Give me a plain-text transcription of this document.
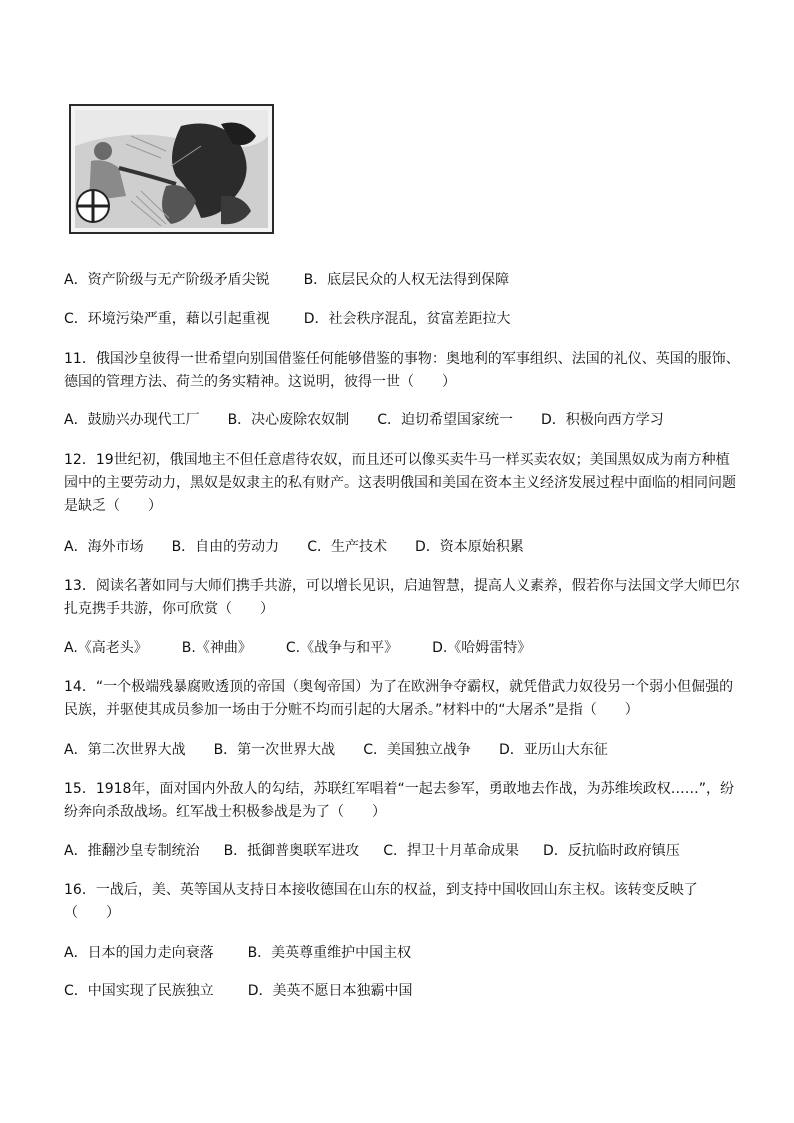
A．资产阶级与无产阶级矛盾尖锐 B．底层民众的人权无法得到保障
C．环境污染严重，藉以引起重视 D．社会秩序混乱，贫富差距拉大
11．俄国沙皇彼得一世希望向别国借鉴任何能够借鉴的事物：奥地利的军事组织、法国的礼仪、英国的服饰、
德国的管理方法、荷兰的务实精神。这说明，彼得一世（　　）
A．鼓励兴办现代工厂 B．决心废除农奴制 C．迫切希望国家统一 D．积极向西方学习
12．19世纪初，俄国地主不但任意虐待农奴，而且还可以像买卖牛马一样买卖农奴；美国黑奴成为南方种植
园中的主要劳动力，黑奴是奴隶主的私有财产。这表明俄国和美国在资本主义经济发展过程中面临的相同问题
是缺乏（　　）
A．海外市场 B．自由的劳动力 C．生产技术 D．资本原始积累
13．阅读名著如同与大师们携手共游，可以增长见识，启迪智慧，提高人义素养，假若你与法国文学大师巴尔
扎克携手共游，你可欣赏（　　）
A.《高老头》 B.《神曲》 C.《战争与和平》 D.《哈姆雷特》
14．“一个极端残暴腐败透顶的帝国（奥匈帝国）为了在欧洲争夺霸权，就凭借武力奴役另一个弱小但倔强的
民族，并驱使其成员参加一场由于分赃不均而引起的大屠杀。”材料中的“大屠杀”是指（　　）
A．第二次世界大战 B．第一次世界大战 C．美国独立战争 D．亚历山大东征
15．1918年，面对国内外敌人的勾结，苏联红军唱着“一起去参军，勇敢地去作战，为苏维埃政权……”，纷
纷奔向杀敌战场。红军战士积极参战是为了（　　）
A．推翻沙皇专制统治 B．抵御普奥联军进攻 C．捍卫十月革命成果 D．反抗临时政府镇压
16．一战后，美、英等国从支持日本接收德国在山东的权益，到支持中国收回山东主权。该转变反映了
（　　）
A．日本的国力走向衰落 B．美英尊重维护中国主权
C．中国实现了民族独立 D．美英不愿日本独霸中国
